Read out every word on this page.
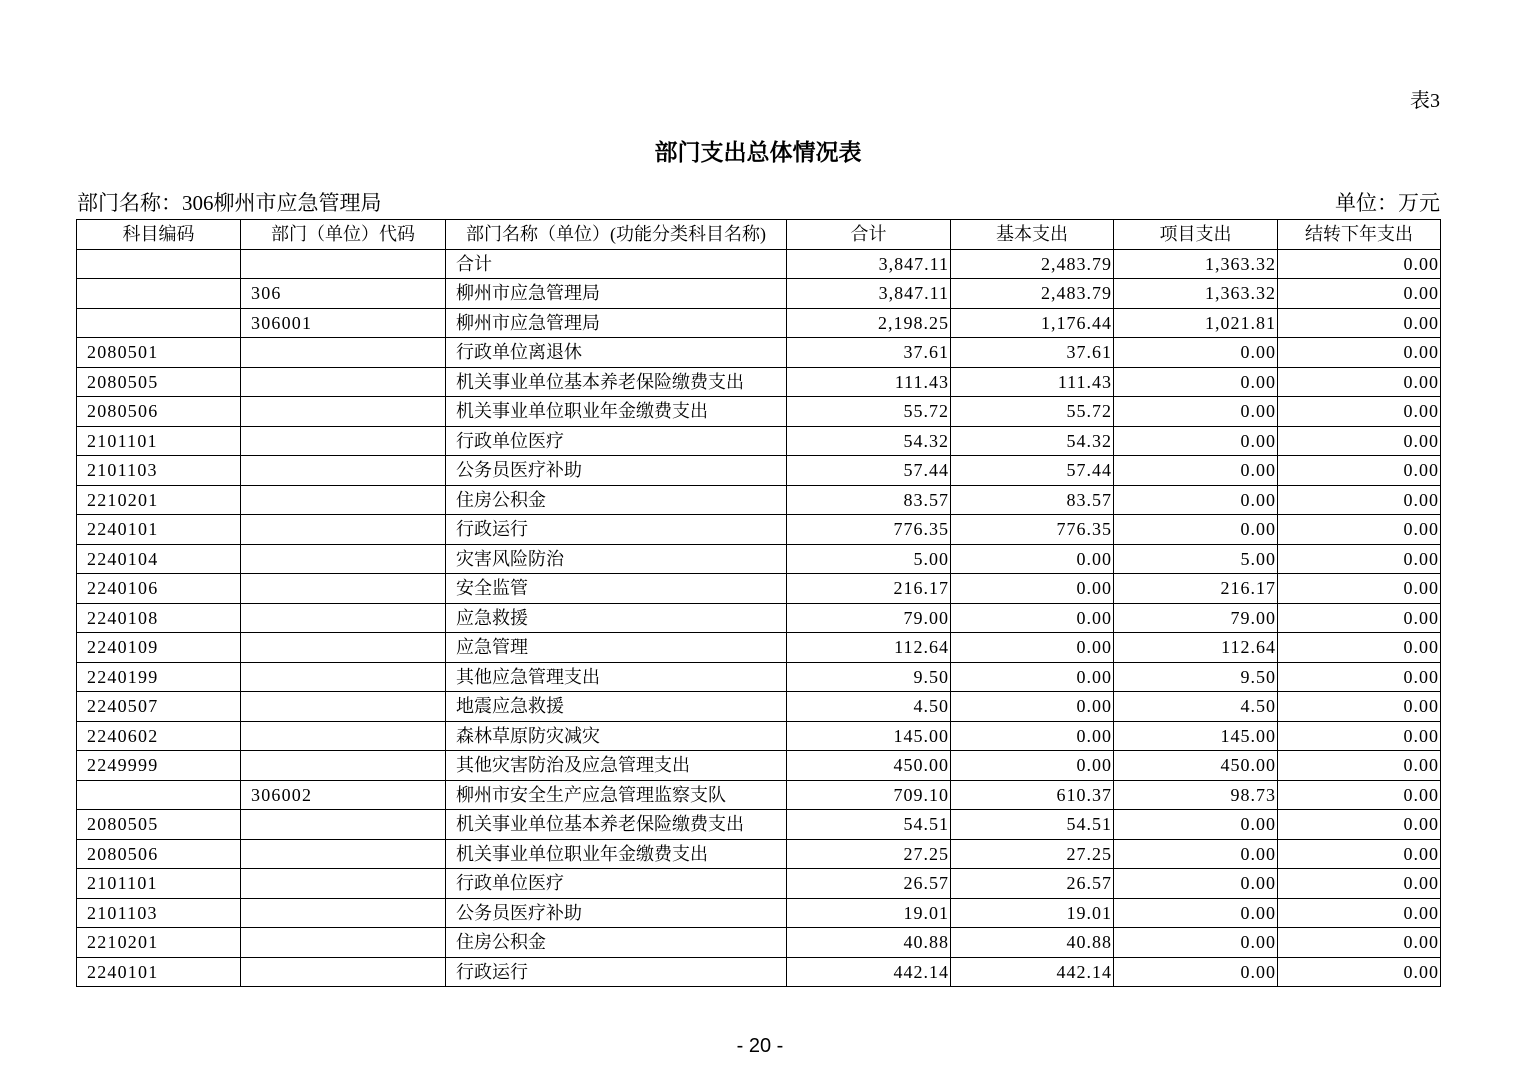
表3
部门支出总体情况表
部门名称：306柳州市应急管理局	单位：万元
科目编码	部门（单位）代码	部门名称（单位）(功能分类科目名称)	合计	基本支出	项目支出	结转下年支出
		合计	3,847.11	2,483.79	1,363.32	0.00
	306	柳州市应急管理局	3,847.11	2,483.79	1,363.32	0.00
	306001	柳州市应急管理局	2,198.25	1,176.44	1,021.81	0.00
2080501		行政单位离退休	37.61	37.61	0.00	0.00
2080505		机关事业单位基本养老保险缴费支出	111.43	111.43	0.00	0.00
2080506		机关事业单位职业年金缴费支出	55.72	55.72	0.00	0.00
2101101		行政单位医疗	54.32	54.32	0.00	0.00
2101103		公务员医疗补助	57.44	57.44	0.00	0.00
2210201		住房公积金	83.57	83.57	0.00	0.00
2240101		行政运行	776.35	776.35	0.00	0.00
2240104		灾害风险防治	5.00	0.00	5.00	0.00
2240106		安全监管	216.17	0.00	216.17	0.00
2240108		应急救援	79.00	0.00	79.00	0.00
2240109		应急管理	112.64	0.00	112.64	0.00
2240199		其他应急管理支出	9.50	0.00	9.50	0.00
2240507		地震应急救援	4.50	0.00	4.50	0.00
2240602		森林草原防灾减灾	145.00	0.00	145.00	0.00
2249999		其他灾害防治及应急管理支出	450.00	0.00	450.00	0.00
	306002	柳州市安全生产应急管理监察支队	709.10	610.37	98.73	0.00
2080505		机关事业单位基本养老保险缴费支出	54.51	54.51	0.00	0.00
2080506		机关事业单位职业年金缴费支出	27.25	27.25	0.00	0.00
2101101		行政单位医疗	26.57	26.57	0.00	0.00
2101103		公务员医疗补助	19.01	19.01	0.00	0.00
2210201		住房公积金	40.88	40.88	0.00	0.00
2240101		行政运行	442.14	442.14	0.00	0.00
- 20 -
